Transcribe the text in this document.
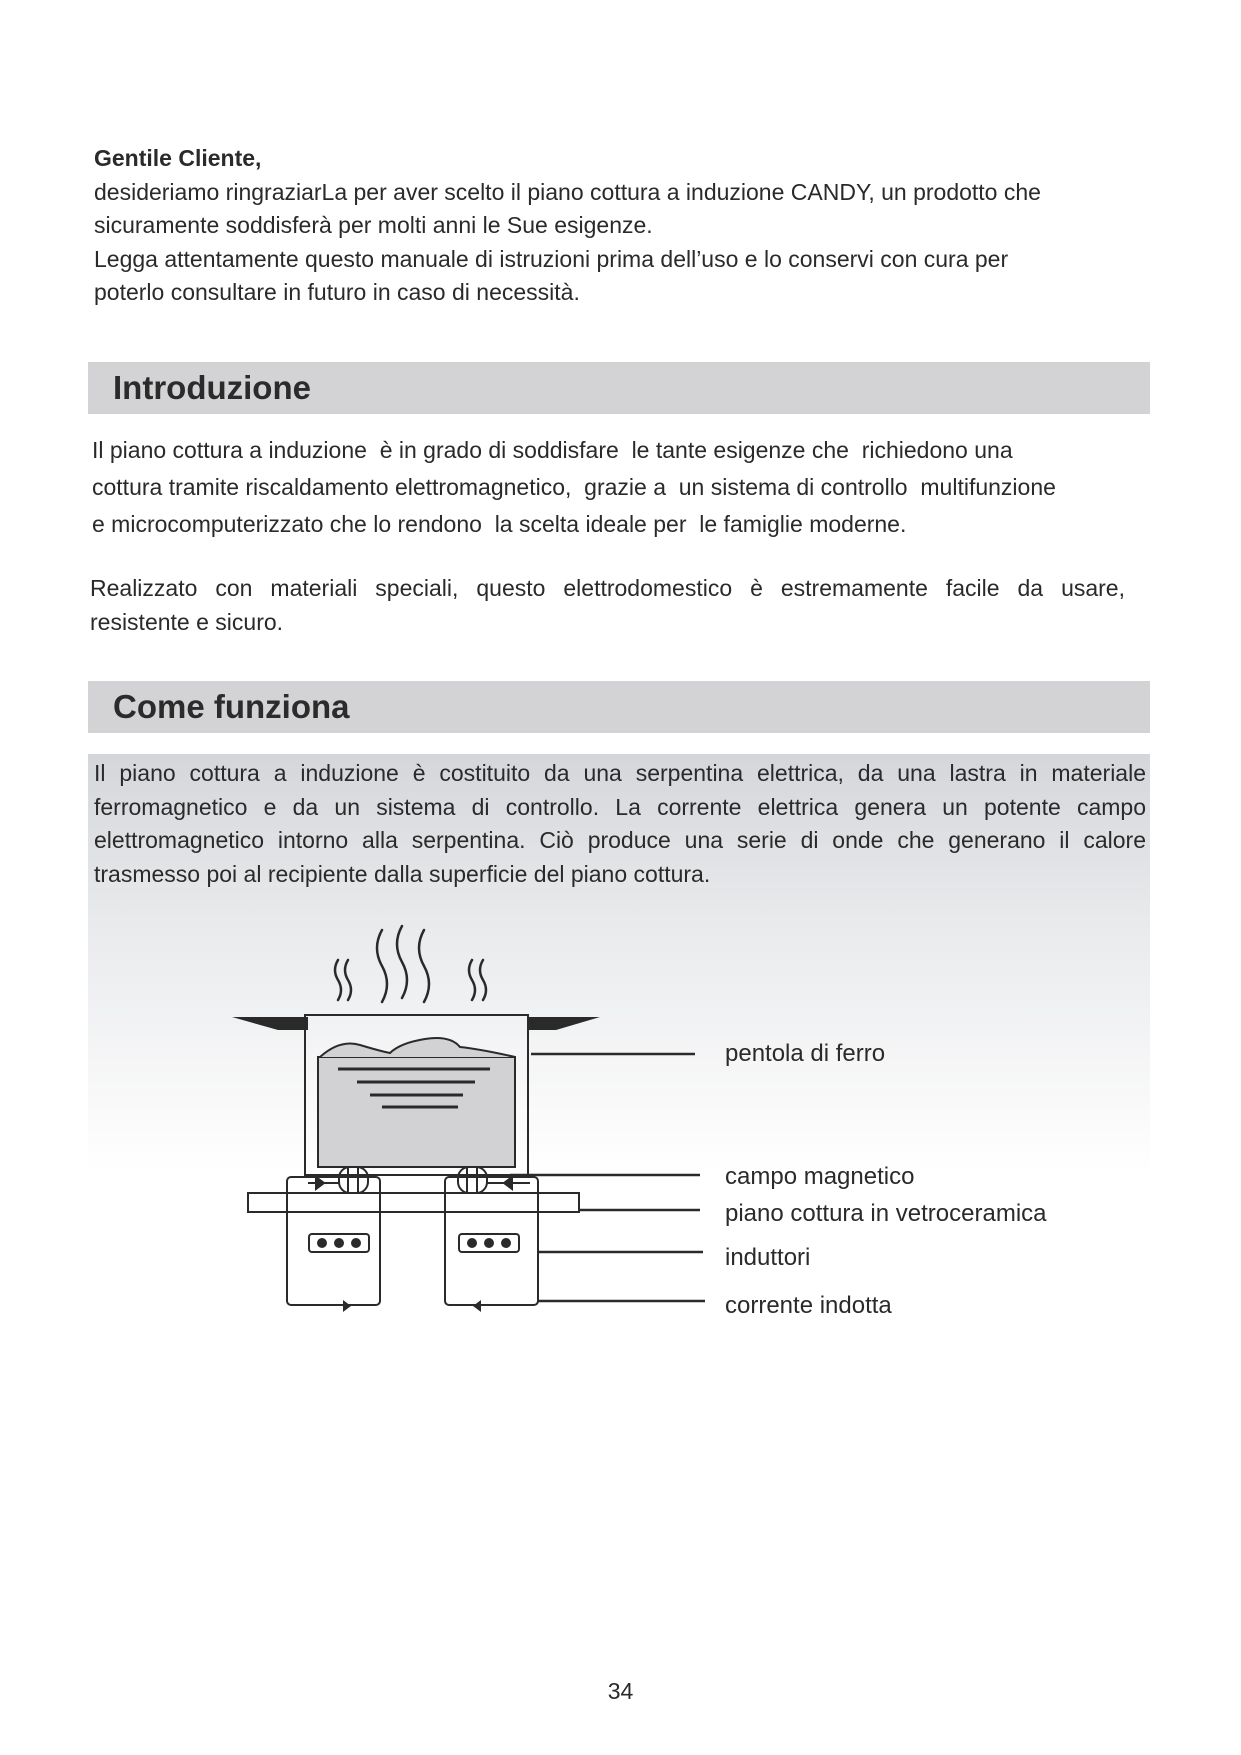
Gentile Cliente,
desideriamo ringraziarLa per aver scelto il piano cottura a induzione CANDY, un prodotto che
sicuramente soddisferà per molti anni le Sue esigenze.
Legga attentamente questo manuale di istruzioni prima dell’uso e lo conservi con cura per
poterlo consultare in futuro in caso di necessità.
Introduzione
Il piano cottura a induzione  è in grado di soddisfare  le tante esigenze che  richiedono una
cottura tramite riscaldamento elettromagnetico,  grazie a  un sistema di controllo  multifunzione
e microcomputerizzato che lo rendono  la scelta ideale per  le famiglie moderne.
Realizzato con materiali speciali, questo elettrodomestico è estremamente facile da usare,
resistente e sicuro.
Come funziona
Il piano cottura a induzione è costituito da una serpentina elettrica, da una lastra in materiale
ferromagnetico e da un sistema di controllo. La corrente elettrica genera un potente campo
elettromagnetico intorno alla serpentina. Ciò produce una serie di onde che generano il calore
trasmesso poi al recipiente dalla superficie del piano cottura.
pentola di ferro
campo magnetico
piano cottura in vetroceramica
induttori
corrente indotta
34
